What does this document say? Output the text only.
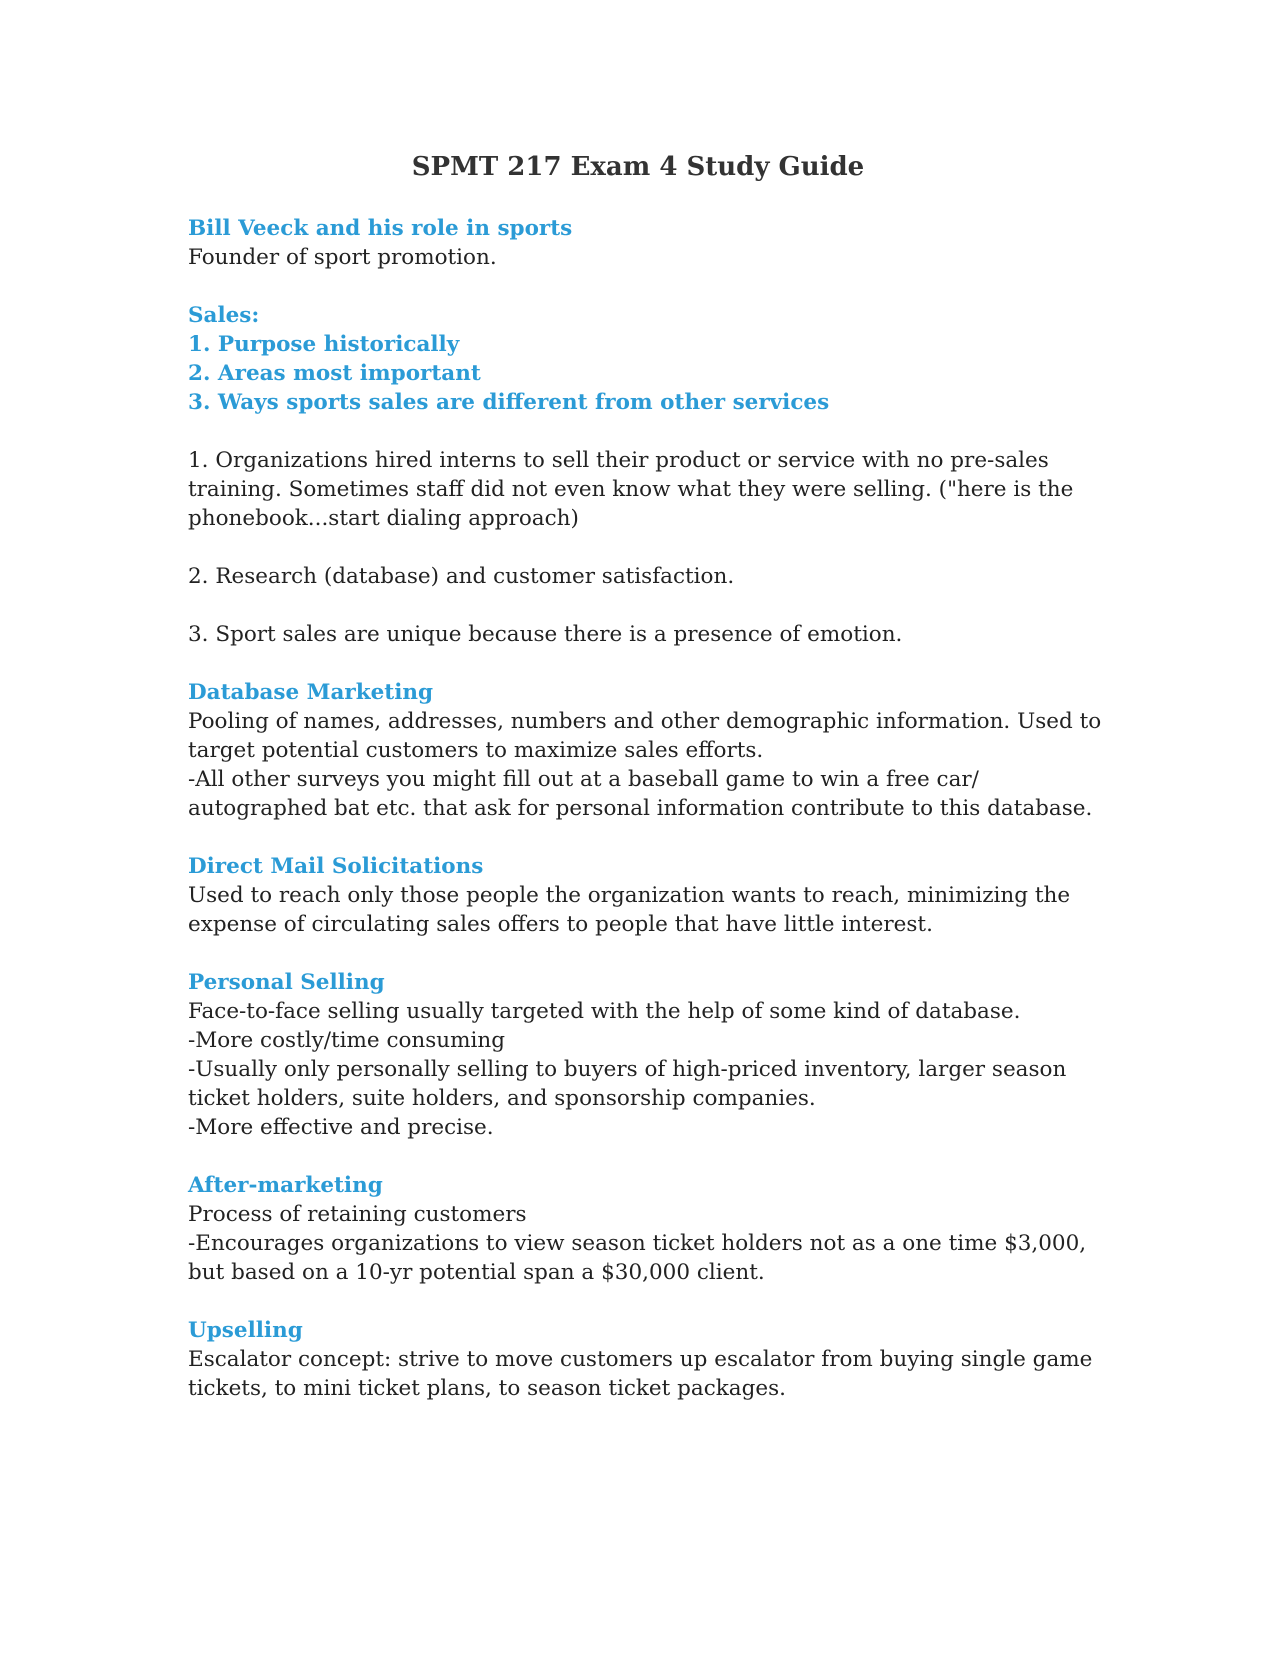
SPMT 217 Exam 4 Study Guide

Bill Veeck and his role in sports

Founder of sport promotion.

Sales:

1. Purpose historically

2. Areas most important

3. Ways sports sales are different from other services

1. Organizations hired interns to sell their product or service with no pre-sales

training. Sometimes staff did not even know what they were selling. ("here is the

phonebook...start dialing approach)

2. Research (database) and customer satisfaction.

3. Sport sales are unique because there is a presence of emotion.

Database Marketing

Pooling of names, addresses, numbers and other demographic information. Used to

target potential customers to maximize sales efforts.

-All other surveys you might fill out at a baseball game to win a free car/

autographed bat etc. that ask for personal information contribute to this database.

Direct Mail Solicitations

Used to reach only those people the organization wants to reach, minimizing the

expense of circulating sales offers to people that have little interest.

Personal Selling

Face-to-face selling usually targeted with the help of some kind of database.

-More costly/time consuming

-Usually only personally selling to buyers of high-priced inventory, larger season

ticket holders, suite holders, and sponsorship companies.

-More effective and precise.

After-marketing

Process of retaining customers

-Encourages organizations to view season ticket holders not as a one time $3,000,

but based on a 10-yr potential span a $30,000 client.

Upselling

Escalator concept: strive to move customers up escalator from buying single game

tickets, to mini ticket plans, to season ticket packages.
